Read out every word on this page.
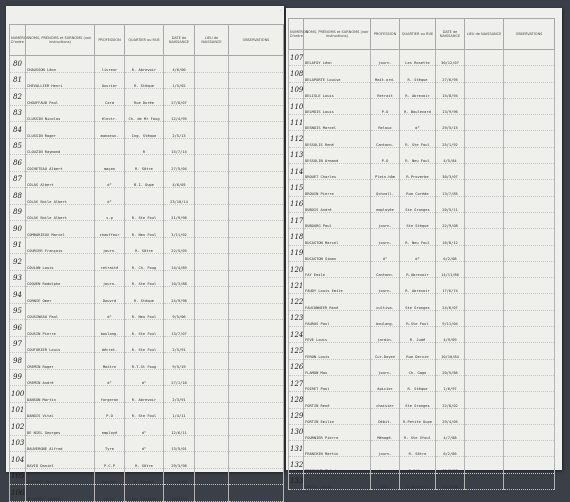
·
NUMÉROS D'ordre	NOMS, PRÉNOMS et SURNOMS (voir instructions)	PROFESSION	QUARTIER ou RUE	DATE de NAISSANCE	LIEU de NAISSANCE	OBSERVATIONS
80	CHAUSSON Léon	livreur	R. Abrevoir	4/6/00		
81	CHEVALLIER Henri	Ouvrier	R. Stèque	1/5/02		
82	CHOUFFAUD Paul	Card	Rue Dorée	27/8/07		
83	CLUSSIN Nicolas	électr.	Ch. de Mr Foug	12/4/95		
84	CLUSSIN Roger	manoeuv.	Ing. Stèque	2/5/13		
85	CLOUZIN Raymond		R	15/7/14		
86	COCHETEAU Albert	maçon	R. Sôtre	27/5/04		
87	COLAS Albert	d°	B.I. Oupe	4/6/05		
88	COLAS Emile Albert	d°		23/10/14		
89	COLAS Emile Albert	s.p	R. Ste Foul	21/9/98		
90	COMBARIEUX Marcel	chauffeur	R. Neu Foul	3/11/02		
91	COURIER François	journ.	R. Sôtre	22/5/05		
92	COULON Louis	retraité	R. Ch. Foug	14/4/89		
93	COQUEN Rodolphe	journ.	R. Ste Foul	10/3/88		
94	CORNIE Omer	Douvrd	R. Stèque	24/9/98		
95	COUSINEAU Paul	d°	R. Neu Foul	9/5/06		
96	COUSIN Pierre	boulang.	R. Ste Foul	13/7/07		
97	COUTURIER Louis	décret.	R. Ste Foul	2/5/91		
98	CREMIN Roger	Maître	R.T.St Foug	9/5/19		
99	CREMIN André	d°	d°	27/1/18		
100	DANSON Martin	forgeron	R. Abrevoir	2/3/91		
101	DANOIS Vital	P.O	R. Ste Foul	1/4/11		
102	DE NIEL Georges	employé	d°	12/6/11		
103	DAUVERGNE Alfred	Tyre	d°	13/5/01		
104	DAVID Daniel	P.C.P	R. Sôtre	29/3/98		
105	DEBORDE Camille	boucher	R. Dussel	12/6/02		
106	DELAPORT Joseph	journ.	Les Rosette	12/5/14		
NUMÉROS D'ordre	NOMS, PRÉNOMS et SURNOMS (voir instructions)	PROFESSION	QUARTIER ou RUE	DATE de NAISSANCE	LIEU de NAISSANCE	OBSERVATIONS
107	DELAFOY Léon	journ.	Les Rosette	30/12/07		
108	DELAPORTE Louise	Maît.ord.	R. Stèque	27/6/95		
109	DELISLE Louis	Retrait	R. Abrevoir	15/8/94		
110	DELMOIS Louis	P.O	R. Boulevard	13/9/96		
111	DESNOIS Marcel	Reloux	d°	29/5/15		
112	DESSOLIS René	Cantonn.	R. Ste Foul	25/1/92		
113	DESSOLIN Armand	P.O	R. Neu Foul	4/5/84		
114	DROUET Charles	Plein.hôm	R.Proverbe	30/3/07		
115	DROUIN Pierre	Qchvall.	Rue Coréde	13/7/85		
116	DUBOIS André	employée	Ste Gronges	20/5/11		
117	DUBOURG Paul	journ.	Ste Stèque	22/9/08		
118	DUCASTON Marcel	journ.	R. Neu Foul	16/8/12		
119	DUCASTON Simon	d°	d°	6/2/08		
120	FAY Emile	Cantonn.	R.Abrevoir	14/11/86		
121	FAUDY Louis Emile	journ.	R. Abrevoir	17/6/74		
122	FAUCONNIER René	cultiva.	Ste Gronges	24/6/07		
123	FAURUS Paul	boulang.	R.Ste Foul	9/11/04		
124	FEVE Louis	jardin.	R. Judé	4/9/09		
125	FERON Louis	Cur.Doyen	Rue Dervie	10/10/84		
126	FLAMON Max	journ.	Ch. Gage	20/5/86		
127	FOIRET Paul	épicier	R. Stèque	1/6/97		
128	FORTIN René	chaisier	Ste Gronges	22/8/02		
129	FORTIN Emilie	Débit.	R.Petite Oupe	29/4/05		
130	FOURNIER Pierre	Ménagé.	R. Ste Vfoul	4/7/88		
131	FRANCHIN Martin	journ.	R. Sôtre	6/2/86		
132	FRICHAUD Théodore	chacro.	R.Stèque	10/9/98		
133	FROTEL Jules	Déc.	R.Abrevoir	27/3/06		
